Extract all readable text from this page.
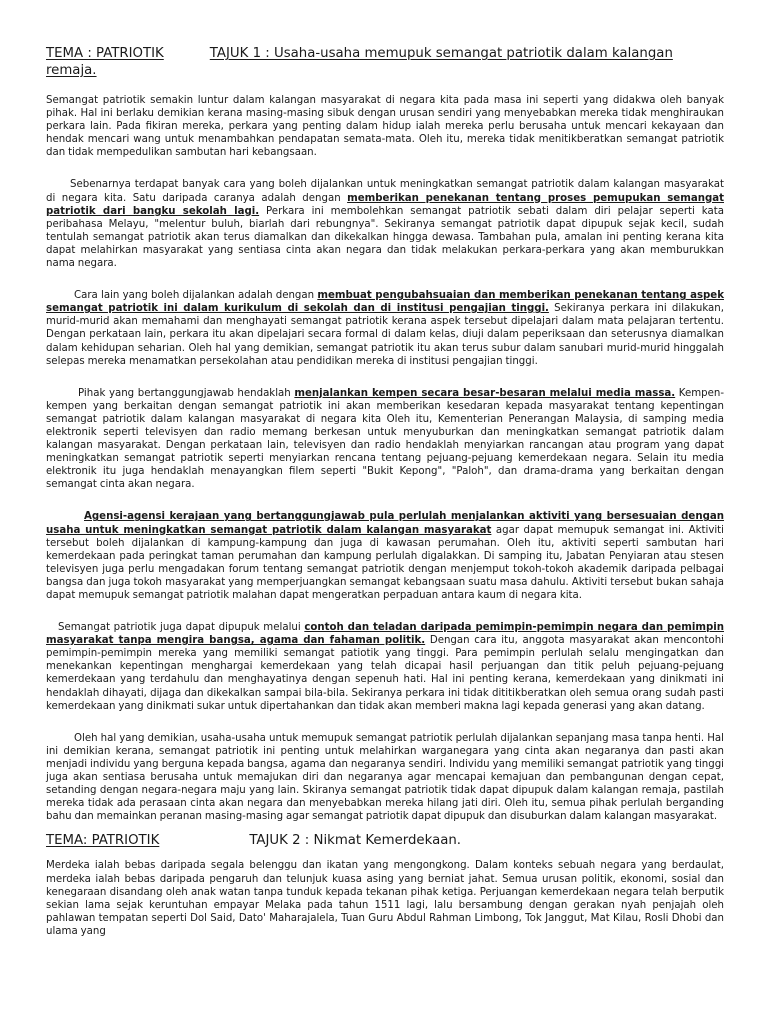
TEMA : PATRIOTIK	TAJUK 1 : Usaha-usaha memupuk semangat patriotik dalam kalangan remaja.

Semangat patriotik semakin luntur dalam kalangan masyarakat di negara kita pada masa ini seperti yang didakwa oleh banyak pihak. Hal ini berlaku demikian kerana masing-masing sibuk dengan urusan sendiri yang menyebabkan mereka tidak menghiraukan perkara lain. Pada fikiran mereka, perkara yang penting dalam hidup ialah mereka perlu berusaha untuk mencari kekayaan dan hendak mencari wang untuk menambahkan pendapatan semata-mata. Oleh itu, mereka tidak menitikberatkan semangat patriotik dan tidak mempedulikan sambutan hari kebangsaan.

Sebenarnya terdapat banyak cara yang boleh dijalankan untuk meningkatkan semangat patriotik dalam kalangan masyarakat di negara kita. Satu daripada caranya adalah dengan memberikan penekanan tentang proses pemupukan semangat patriotik dari bangku sekolah lagi. Perkara ini membolehkan semangat patriotik sebati dalam diri pelajar seperti kata peribahasa Melayu, "melentur buluh, biarlah dari rebungnya". Sekiranya semangat patriotik dapat dipupuk sejak kecil, sudah tentulah semangat patriotik akan terus diamalkan dan dikekalkan hingga dewasa. Tambahan pula, amalan ini penting kerana kita dapat melahirkan masyarakat yang sentiasa cinta akan negara dan tidak melakukan perkara-perkara yang akan memburukkan nama negara.

Cara lain yang boleh dijalankan adalah dengan membuat pengubahsuaian dan memberikan penekanan tentang aspek semangat patriotik ini dalam kurikulum di sekolah dan di institusi pengajian tinggi. Sekiranya perkara ini dilakukan, murid-murid akan memahami dan menghayati semangat patriotik kerana aspek tersebut dipelajari dalam mata pelajaran tertentu. Dengan perkataan lain, perkara itu akan dipelajari secara formal di dalam kelas, diuji dalam peperiksaan dan seterusnya diamalkan dalam kehidupan seharian. Oleh hal yang demikian, semangat patriotik itu akan terus subur dalam sanubari murid-murid hinggalah selepas mereka menamatkan persekolahan atau pendidikan mereka di institusi pengajian tinggi.

Pihak yang bertanggungjawab hendaklah menjalankan kempen secara besar-besaran melalui media massa. Kempen-kempen yang berkaitan dengan semangat patriotik ini akan memberikan kesedaran kepada masyarakat tentang kepentingan semangat patriotik dalam kalangan masyarakat di negara kita Oleh itu, Kementerian Penerangan Malaysia, di samping media elektronik seperti televisyen dan radio memang berkesan untuk menyuburkan dan meningkatkan semangat patriotik dalam kalangan masyarakat. Dengan perkataan lain, televisyen dan radio hendaklah menyiarkan rancangan atau program yang dapat meningkatkan semangat patriotik seperti menyiarkan rencana tentang pejuang-pejuang kemerdekaan negara. Selain itu media elektronik itu juga hendaklah menayangkan filem seperti "Bukit Kepong", "Paloh", dan drama-drama yang berkaitan dengan semangat cinta akan negara.

Agensi-agensi kerajaan yang bertanggungjawab pula perlulah menjalankan aktiviti yang bersesuaian dengan usaha untuk meningkatkan semangat patriotik dalam kalangan masyarakat agar dapat memupuk semangat ini. Aktiviti tersebut boleh dijalankan di kampung-kampung dan juga di kawasan perumahan. Oleh itu, aktiviti seperti sambutan hari kemerdekaan pada peringkat taman perumahan dan kampung perlulah digalakkan. Di samping itu, Jabatan Penyiaran atau stesen televisyen juga perlu mengadakan forum tentang semangat patriotik dengan menjemput tokoh-tokoh akademik daripada pelbagai bangsa dan juga tokoh masyarakat yang memperjuangkan semangat kebangsaan suatu masa dahulu. Aktiviti tersebut bukan sahaja dapat memupuk semangat patriotik malahan dapat mengeratkan perpaduan antara kaum di negara kita.

Semangat patriotik juga dapat dipupuk melalui contoh dan teladan daripada pemimpin-pemimpin negara dan pemimpin masyarakat tanpa mengira bangsa, agama dan fahaman politik. Dengan cara itu, anggota masyarakat akan mencontohi pemimpin-pemimpin mereka yang memiliki semangat patiotik yang tinggi. Para pemimpin perlulah selalu mengingatkan dan menekankan kepentingan menghargai kemerdekaan yang telah dicapai hasil perjuangan dan titik peluh pejuang-pejuang kemerdekaan yang terdahulu dan menghayatinya dengan sepenuh hati. Hal ini penting kerana, kemerdekaan yang dinikmati ini hendaklah dihayati, dijaga dan dikekalkan sampai bila-bila. Sekiranya perkara ini tidak dititikberatkan oleh semua orang sudah pasti kemerdekaan yang dinikmati sukar untuk dipertahankan dan tidak akan memberi makna lagi kepada generasi yang akan datang.

Oleh hal yang demikian, usaha-usaha untuk memupuk semangat patriotik perlulah dijalankan sepanjang masa tanpa henti. Hal ini demikian kerana, semangat patriotik ini penting untuk melahirkan warganegara yang cinta akan negaranya dan pasti akan menjadi individu yang berguna kepada bangsa, agama dan negaranya sendiri. Individu yang memiliki semangat patriotik yang tinggi juga akan sentiasa berusaha untuk memajukan diri dan negaranya agar mencapai kemajuan dan pembangunan dengan cepat, setanding dengan negara-negara maju yang lain. Skiranya semangat patriotik tidak dapat dipupuk dalam kalangan remaja, pastilah mereka tidak ada perasaan cinta akan negara dan menyebabkan mereka hilang jati diri. Oleh itu, semua pihak perlulah berganding bahu dan memainkan peranan masing-masing agar semangat patriotik dapat dipupuk dan disuburkan dalam kalangan masyarakat.

TEMA: PATRIOTIK	TAJUK 2 : Nikmat Kemerdekaan.

Merdeka ialah bebas daripada segala belenggu dan ikatan yang mengongkong. Dalam konteks sebuah negara yang berdaulat, merdeka ialah bebas daripada pengaruh dan telunjuk kuasa asing yang berniat jahat. Semua urusan politik, ekonomi, sosial dan kenegaraan disandang oleh anak watan tanpa tunduk kepada tekanan pihak ketiga. Perjuangan kemerdekaan negara telah berputik sekian lama sejak keruntuhan empayar Melaka pada tahun 1511 lagi, lalu bersambung dengan gerakan nyah penjajah oleh pahlawan tempatan seperti Dol Said, Dato' Maharajalela, Tuan Guru Abdul Rahman Limbong, Tok Janggut, Mat Kilau, Rosli Dhobi dan ulama yang
